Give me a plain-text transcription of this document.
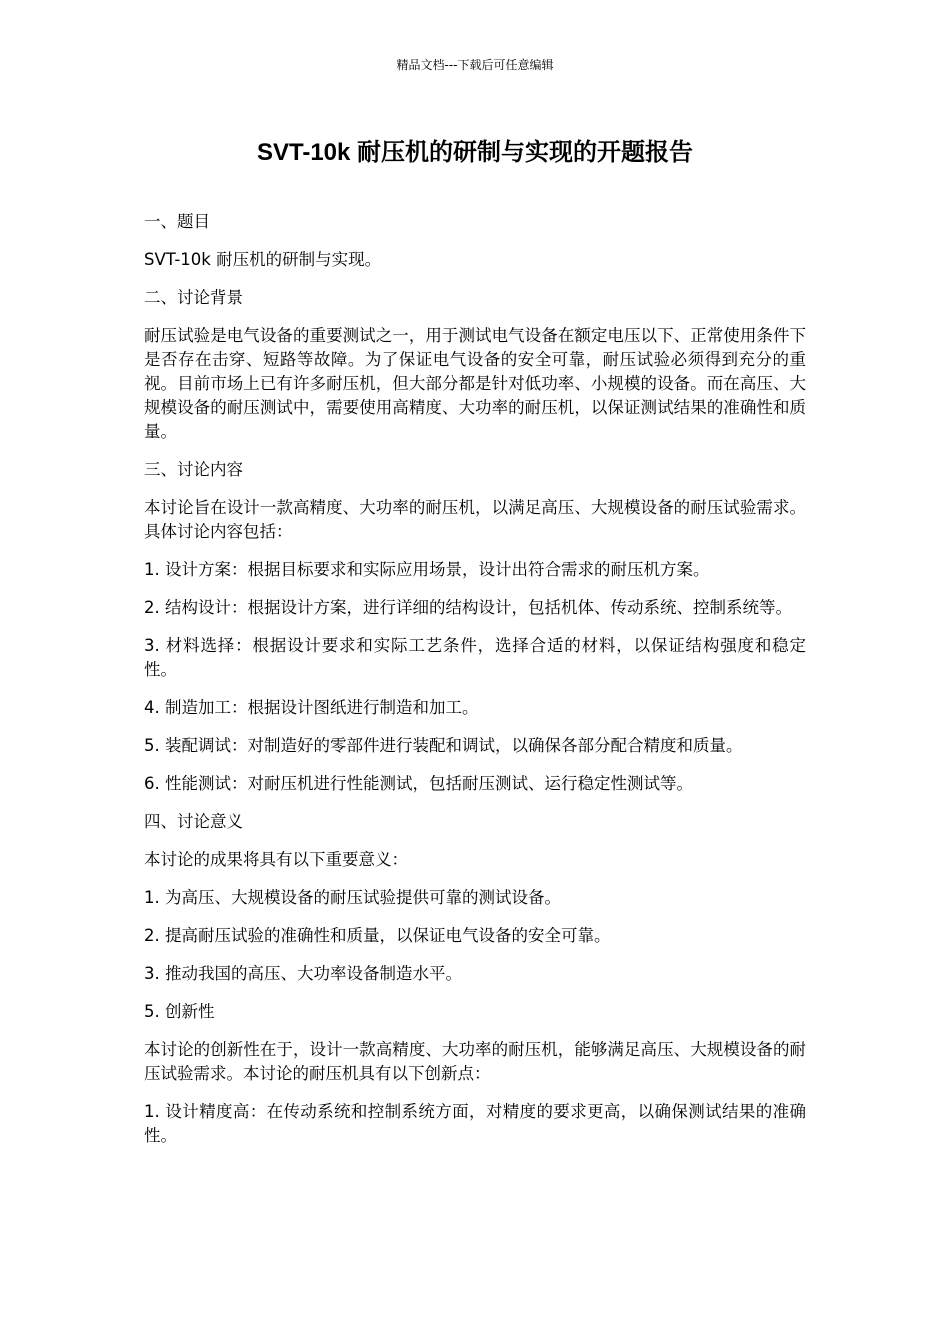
精品文档---下载后可任意编辑
SVT-10k 耐压机的研制与实现的开题报告

一、题目

SVT-10k 耐压机的研制与实现。

二、讨论背景

耐压试验是电气设备的重要测试之一，用于测试电气设备在额定电压以下、正常使用条件下是否存在击穿、短路等故障。为了保证电气设备的安全可靠，耐压试验必须得到充分的重视。目前市场上已有许多耐压机，但大部分都是针对低功率、小规模的设备。而在高压、大规模设备的耐压测试中，需要使用高精度、大功率的耐压机，以保证测试结果的准确性和质量。

三、讨论内容

本讨论旨在设计一款高精度、大功率的耐压机，以满足高压、大规模设备的耐压试验需求。具体讨论内容包括：

1. 设计方案：根据目标要求和实际应用场景，设计出符合需求的耐压机方案。

2. 结构设计：根据设计方案，进行详细的结构设计，包括机体、传动系统、控制系统等。

3. 材料选择：根据设计要求和实际工艺条件，选择合适的材料，以保证结构强度和稳定性。

4. 制造加工：根据设计图纸进行制造和加工。

5. 装配调试：对制造好的零部件进行装配和调试，以确保各部分配合精度和质量。

6. 性能测试：对耐压机进行性能测试，包括耐压测试、运行稳定性测试等。

四、讨论意义

本讨论的成果将具有以下重要意义：

1. 为高压、大规模设备的耐压试验提供可靠的测试设备。

2. 提高耐压试验的准确性和质量，以保证电气设备的安全可靠。

3. 推动我国的高压、大功率设备制造水平。

5. 创新性

本讨论的创新性在于，设计一款高精度、大功率的耐压机，能够满足高压、大规模设备的耐压试验需求。本讨论的耐压机具有以下创新点：

1. 设计精度高：在传动系统和控制系统方面，对精度的要求更高，以确保测试结果的准确性。
